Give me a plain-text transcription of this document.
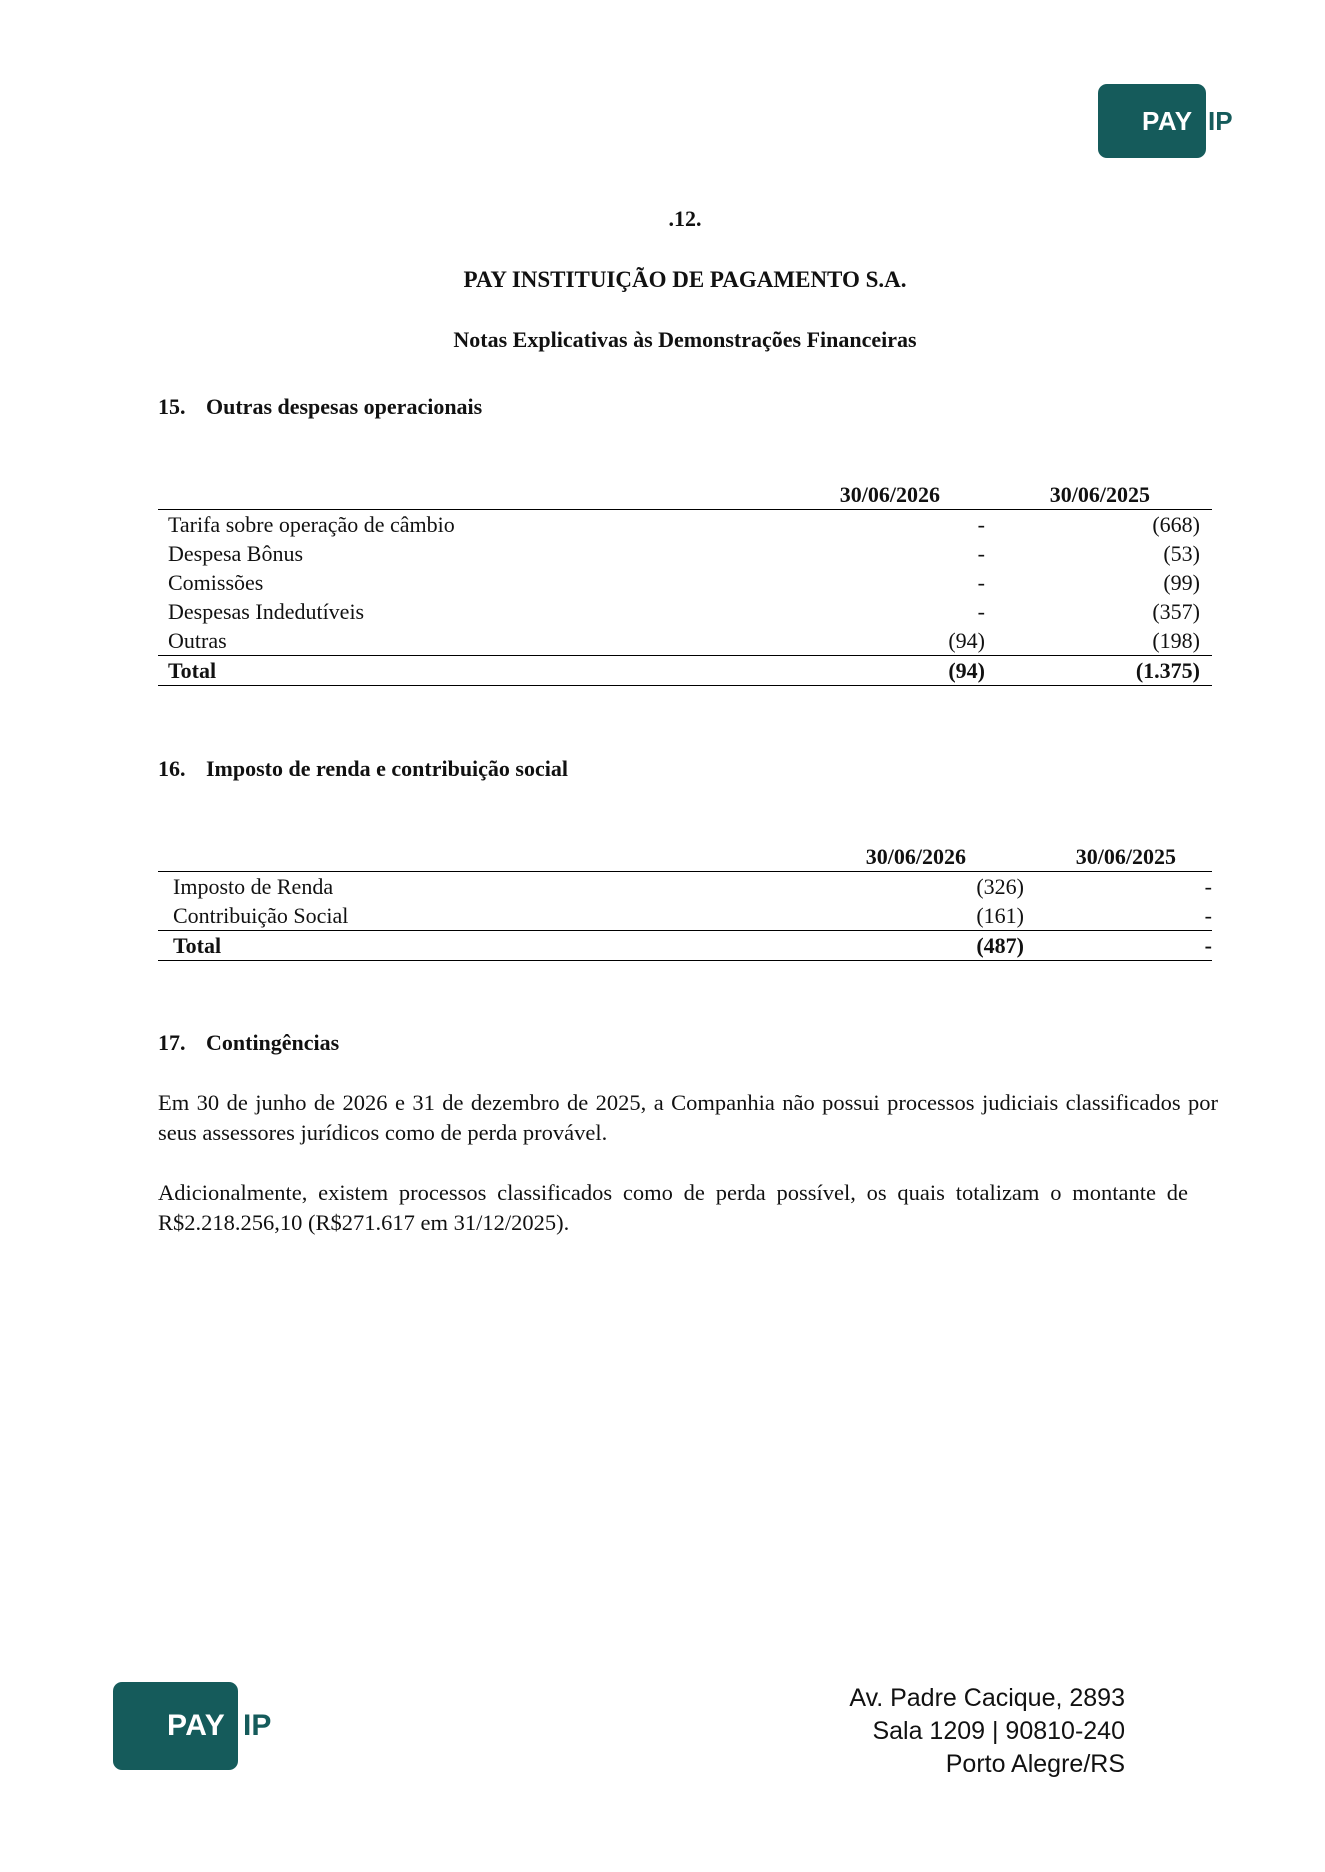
PAY IP
.12.
PAY INSTITUIÇÃO DE PAGAMENTO S.A.
Notas Explicativas às Demonstrações Financeiras
15. Outras despesas operacionais
	30/06/2026	30/06/2025
Tarifa sobre operação de câmbio	-	(668)
Despesa Bônus	-	(53)
Comissões	-	(99)
Despesas Indedutíveis	-	(357)
Outras	(94)	(198)
Total	(94)	(1.375)
16. Imposto de renda e contribuição social
	30/06/2026	30/06/2025
Imposto de Renda	(326)	-
Contribuição Social	(161)	-
Total	(487)	-
17. Contingências
Em 30 de junho de 2026 e 31 de dezembro de 2025, a Companhia não possui processos judiciais classificados por seus assessores jurídicos como de perda provável.
Adicionalmente, existem processos classificados como de perda possível, os quais totalizam o montante de R$2.218.256,10 (R$271.617 em 31/12/2025).
PAY IP
Av. Padre Cacique, 2893
Sala 1209 | 90810-240
Porto Alegre/RS
